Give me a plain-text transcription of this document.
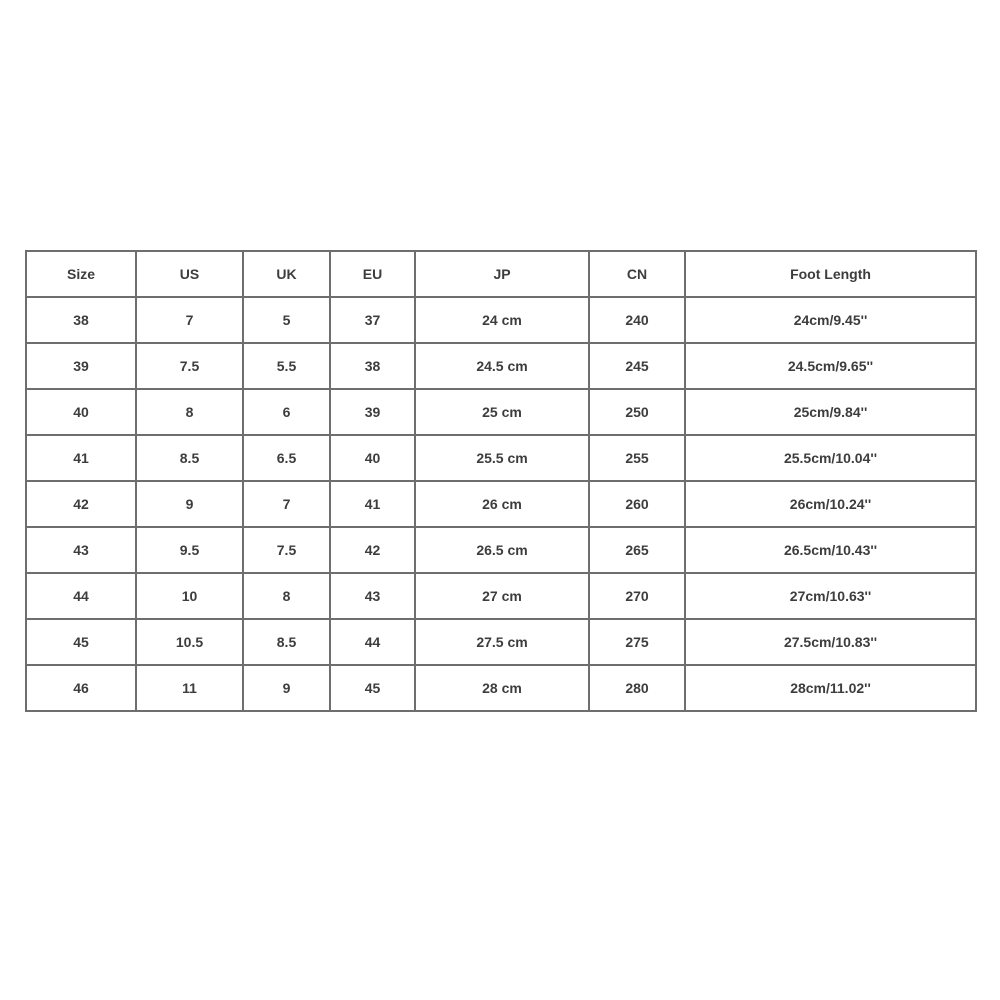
Size	US	UK	EU	JP	CN	Foot Length
38	7	5	37	24 cm	240	24cm/9.45''
39	7.5	5.5	38	24.5 cm	245	24.5cm/9.65''
40	8	6	39	25 cm	250	25cm/9.84''
41	8.5	6.5	40	25.5 cm	255	25.5cm/10.04''
42	9	7	41	26 cm	260	26cm/10.24''
43	9.5	7.5	42	26.5 cm	265	26.5cm/10.43''
44	10	8	43	27 cm	270	27cm/10.63''
45	10.5	8.5	44	27.5 cm	275	27.5cm/10.83''
46	11	9	45	28 cm	280	28cm/11.02''
